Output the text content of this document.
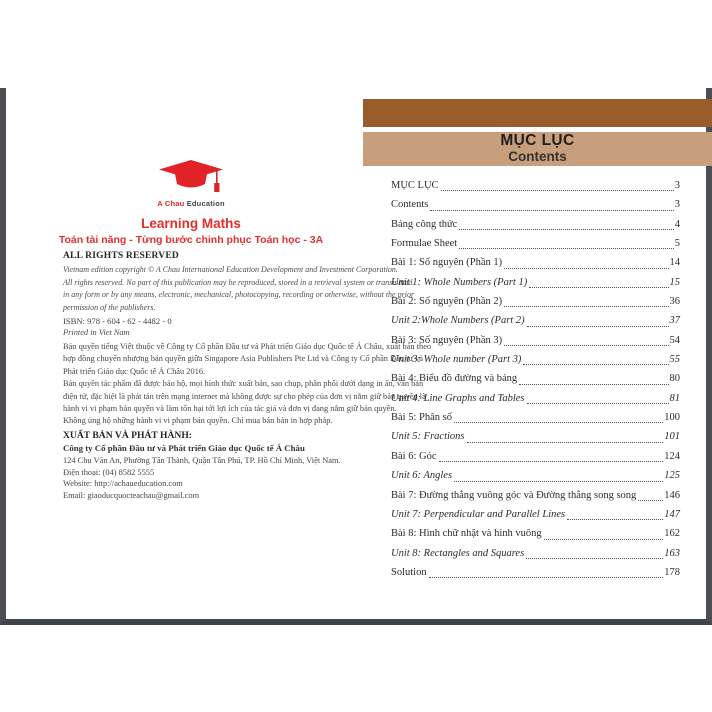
A Chau Education
Learning Maths
Toán tài năng - Từng bước chinh phục Toán học - 3A
ALL RIGHTS RESERVED
Vietnam edition copyright © A Chau International Education Development and Investment Corporation.
All rights reserved. No part of this publication may be reproduced, stored in a retrieval system or transmitted
in any form or by any means, electronic, mechanical, photocopying, recording or otherwise, without the prior
permission of the publishers.
ISBN: 978 - 604 - 62 - 4482 - 0
Printed in Viet Nam
Bản quyền tiếng Việt thuộc về Công ty Cổ phần Đầu tư và Phát triển Giáo dục Quốc tế Á Châu, xuất bản theo
hợp đồng chuyển nhượng bản quyền giữa Singapore Asia Publishers Pte Ltd và Công ty Cổ phần Đầu tư và
Phát triển Giáo dục Quốc tế Á Châu 2016.
Bản quyền tác phẩm đã được bảo hộ, mọi hình thức xuất bản, sao chụp, phân phối dưới dạng in ấn, văn bản
điện tử, đặc biệt là phát tán trên mạng internet mà không được sự cho phép của đơn vị nắm giữ bản quyền là
hành vi vi phạm bản quyền và làm tổn hại tới lợi ích của tác giả và đơn vị đang nắm giữ bản quyền.
Không ủng hộ những hành vi vi phạm bản quyền. Chỉ mua bán bản in hợp pháp.
XUẤT BẢN VÀ PHÁT HÀNH:
Công ty Cổ phần Đầu tư và Phát triển Giáo dục Quốc tế Á Châu
124 Chu Văn An, Phường Tân Thành, Quận Tân Phú, TP. Hồ Chí Minh, Việt Nam.
Điện thoại: (04) 8582 5555
Website: http://achaueducation.com
Email: giaoducquocteachau@gmail.com
MỤC LỤC
Contents
MỤC LỤC	3
Contents	3
Bảng công thức	4
Formulae Sheet	5
Bài 1: Số nguyên (Phần 1)	14
Unit 1: Whole Numbers (Part 1)	15
Bài 2: Số nguyên (Phần 2)	36
Unit 2:Whole Numbers (Part 2)	37
Bài 3: Số nguyên (Phần 3)	54
Unit 3: Whole number (Part 3)	55
Bài 4: Biểu đồ đường và bảng	80
Unit 4: Line Graphs and Tables	81
Bài 5: Phân số	100
Unit 5: Fractions	101
Bài 6: Góc	124
Unit 6: Angles	125
Bài 7: Đường thẳng vuông góc và Đường thẳng song song	146
Unit 7: Perpendicular and Parallel Lines	147
Bài 8: Hình chữ nhật và hình vuông	162
Unit 8: Rectangles and Squares	163
Solution	178
